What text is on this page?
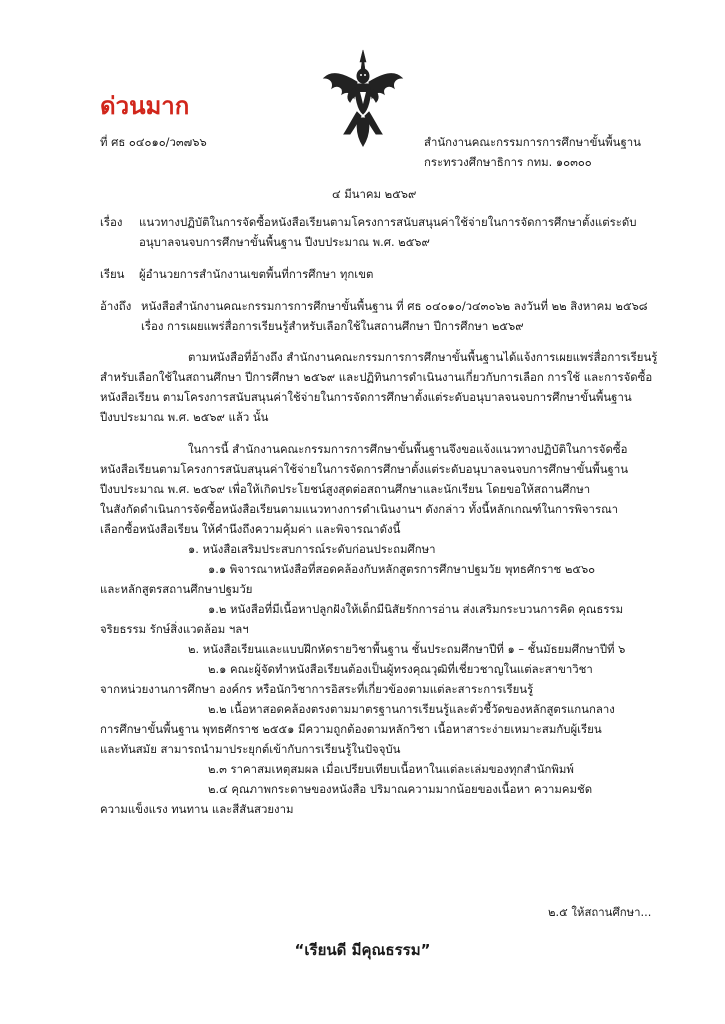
ด่วนมาก
ที่ ศธ ๐๔๐๑๐/ว๓๗๖๖	สำนักงานคณะกรรมการการศึกษาขั้นพื้นฐาน
กระทรวงศึกษาธิการ กทม. ๑๐๓๐๐
๔ มีนาคม ๒๕๖๙
เรื่อง แนวทางปฏิบัติในการจัดซื้อหนังสือเรียนตามโครงการสนับสนุนค่าใช้จ่ายในการจัดการศึกษาตั้งแต่ระดับ
อนุบาลจนจบการศึกษาขั้นพื้นฐาน ปีงบประมาณ พ.ศ. ๒๕๖๙
เรียน ผู้อำนวยการสำนักงานเขตพื้นที่การศึกษา ทุกเขต
อ้างถึง หนังสือสำนักงานคณะกรรมการการศึกษาขั้นพื้นฐาน ที่ ศธ ๐๔๐๑๐/ว๔๓๐๖๒ ลงวันที่ ๒๒ สิงหาคม ๒๕๖๘
เรื่อง การเผยแพร่สื่อการเรียนรู้สำหรับเลือกใช้ในสถานศึกษา ปีการศึกษา ๒๕๖๙
ตามหนังสือที่อ้างถึง สำนักงานคณะกรรมการการศึกษาขั้นพื้นฐานได้แจ้งการเผยแพร่สื่อการเรียนรู้
สำหรับเลือกใช้ในสถานศึกษา ปีการศึกษา ๒๕๖๙ และปฏิทินการดำเนินงานเกี่ยวกับการเลือก การใช้ และการจัดซื้อ
หนังสือเรียน ตามโครงการสนับสนุนค่าใช้จ่ายในการจัดการศึกษาตั้งแต่ระดับอนุบาลจนจบการศึกษาขั้นพื้นฐาน
ปีงบประมาณ พ.ศ. ๒๕๖๙ แล้ว นั้น
ในการนี้ สำนักงานคณะกรรมการการศึกษาขั้นพื้นฐานจึงขอแจ้งแนวทางปฏิบัติในการจัดซื้อ
หนังสือเรียนตามโครงการสนับสนุนค่าใช้จ่ายในการจัดการศึกษาตั้งแต่ระดับอนุบาลจนจบการศึกษาขั้นพื้นฐาน
ปีงบประมาณ พ.ศ. ๒๕๖๙ เพื่อให้เกิดประโยชน์สูงสุดต่อสถานศึกษาและนักเรียน โดยขอให้สถานศึกษา
ในสังกัดดำเนินการจัดซื้อหนังสือเรียนตามแนวทางการดำเนินงานฯ ดังกล่าว ทั้งนี้หลักเกณฑ์ในการพิจารณา
เลือกซื้อหนังสือเรียน ให้คำนึงถึงความคุ้มค่า และพิจารณาดังนี้
๑. หนังสือเสริมประสบการณ์ระดับก่อนประถมศึกษา
๑.๑ พิจารณาหนังสือที่สอดคล้องกับหลักสูตรการศึกษาปฐมวัย พุทธศักราช ๒๕๖๐
และหลักสูตรสถานศึกษาปฐมวัย
๑.๒ หนังสือที่มีเนื้อหาปลูกฝังให้เด็กมีนิสัยรักการอ่าน ส่งเสริมกระบวนการคิด คุณธรรม
จริยธรรม รักษ์สิ่งแวดล้อม ฯลฯ
๒. หนังสือเรียนและแบบฝึกหัดรายวิชาพื้นฐาน ชั้นประถมศึกษาปีที่ ๑ – ชั้นมัธยมศึกษาปีที่ ๖
๒.๑ คณะผู้จัดทำหนังสือเรียนต้องเป็นผู้ทรงคุณวุฒิที่เชี่ยวชาญในแต่ละสาขาวิชา
จากหน่วยงานการศึกษา องค์กร หรือนักวิชาการอิสระที่เกี่ยวข้องตามแต่ละสาระการเรียนรู้
๒.๒ เนื้อหาสอดคล้องตรงตามมาตรฐานการเรียนรู้และตัวชี้วัดของหลักสูตรแกนกลาง
การศึกษาขั้นพื้นฐาน พุทธศักราช ๒๕๕๑ มีความถูกต้องตามหลักวิชา เนื้อหาสาระง่ายเหมาะสมกับผู้เรียน
และทันสมัย สามารถนำมาประยุกต์เข้ากับการเรียนรู้ในปัจจุบัน
๒.๓ ราคาสมเหตุสมผล เมื่อเปรียบเทียบเนื้อหาในแต่ละเล่มของทุกสำนักพิมพ์
๒.๔ คุณภาพกระดาษของหนังสือ ปริมาณความมากน้อยของเนื้อหา ความคมชัด
ความแข็งแรง ทนทาน และสีสันสวยงาม
๒.๕ ให้สถานศึกษา...
“เรียนดี มีคุณธรรม”
